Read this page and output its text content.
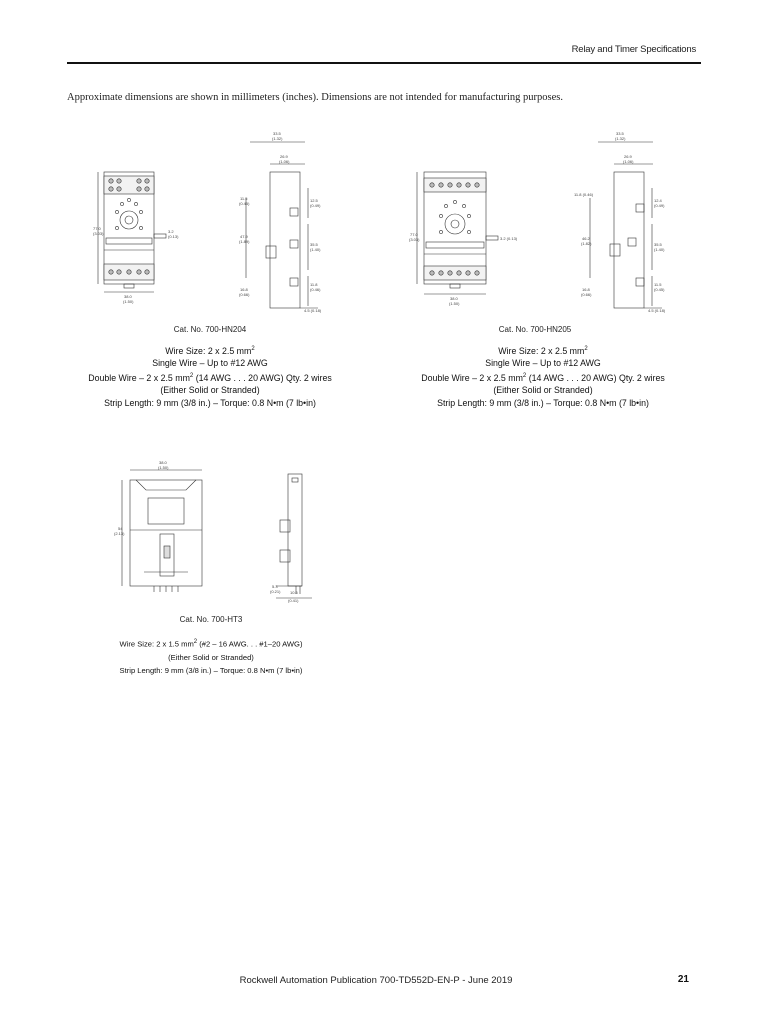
Relay and Timer Specifications
Approximate dimensions are shown in millimeters (inches). Dimensions are not intended for manufacturing purposes.
77.0
(3.03)
38.0
(1.50)
3.2
(0.13)
33.5
(1.32)
26.9
(1.06)
11.5
(0.45)
47.9
(1.89)
16.8
(0.66)
12.5
(0.49)
35.5
(1.40)
11.8
(0.46)
4.5 (0.18)
77.0
(3.03)
38.0
(1.50)
3.2 (0.13)
33.5
(1.32)
26.9
(1.06)
11.8 (0.46)
46.2
(1.82)
16.8
(0.66)
12.4
(0.49)
35.5
(1.40)
11.5
(0.45)
4.5 (0.18)
Cat. No. 700-HN204	Cat. No. 700-HN205
Wire Size: 2 x 2.5 $mm^2$
Single Wire – Up to #12 AWG
Double Wire – 2 x 2.5 $mm^2$ (14 AWG . . . 20 AWG) Qty. 2 wires
(Either Solid or Stranded)
Strip Length: 9 mm (3/8 in.) – Torque: 0.8 N•m (7 lb•in)
Wire Size: 2 x 2.5 $mm^2$
Single Wire – Up to #12 AWG
Double Wire – 2 x 2.5 $mm^2$ (14 AWG . . . 20 AWG) Qty. 2 wires
(Either Solid or Stranded)
Strip Length: 9 mm (3/8 in.) – Torque: 0.8 N•m (7 lb•in)
38.0
(1.50)
54
(2.13)
5.3
(0.21) 10.5
(0.41)
Cat. No. 700-HT3
Wire Size: 2 x 1.5 $mm^2$ (#2 – 16 AWG. . . #1–20 AWG)
(Either Solid or Stranded)
Strip Length: 9 mm (3/8 in.) – Torque: 0.8 N•m (7 lb•in)
Rockwell Automation Publication 700-TD552D-EN-P - June 2019	21
